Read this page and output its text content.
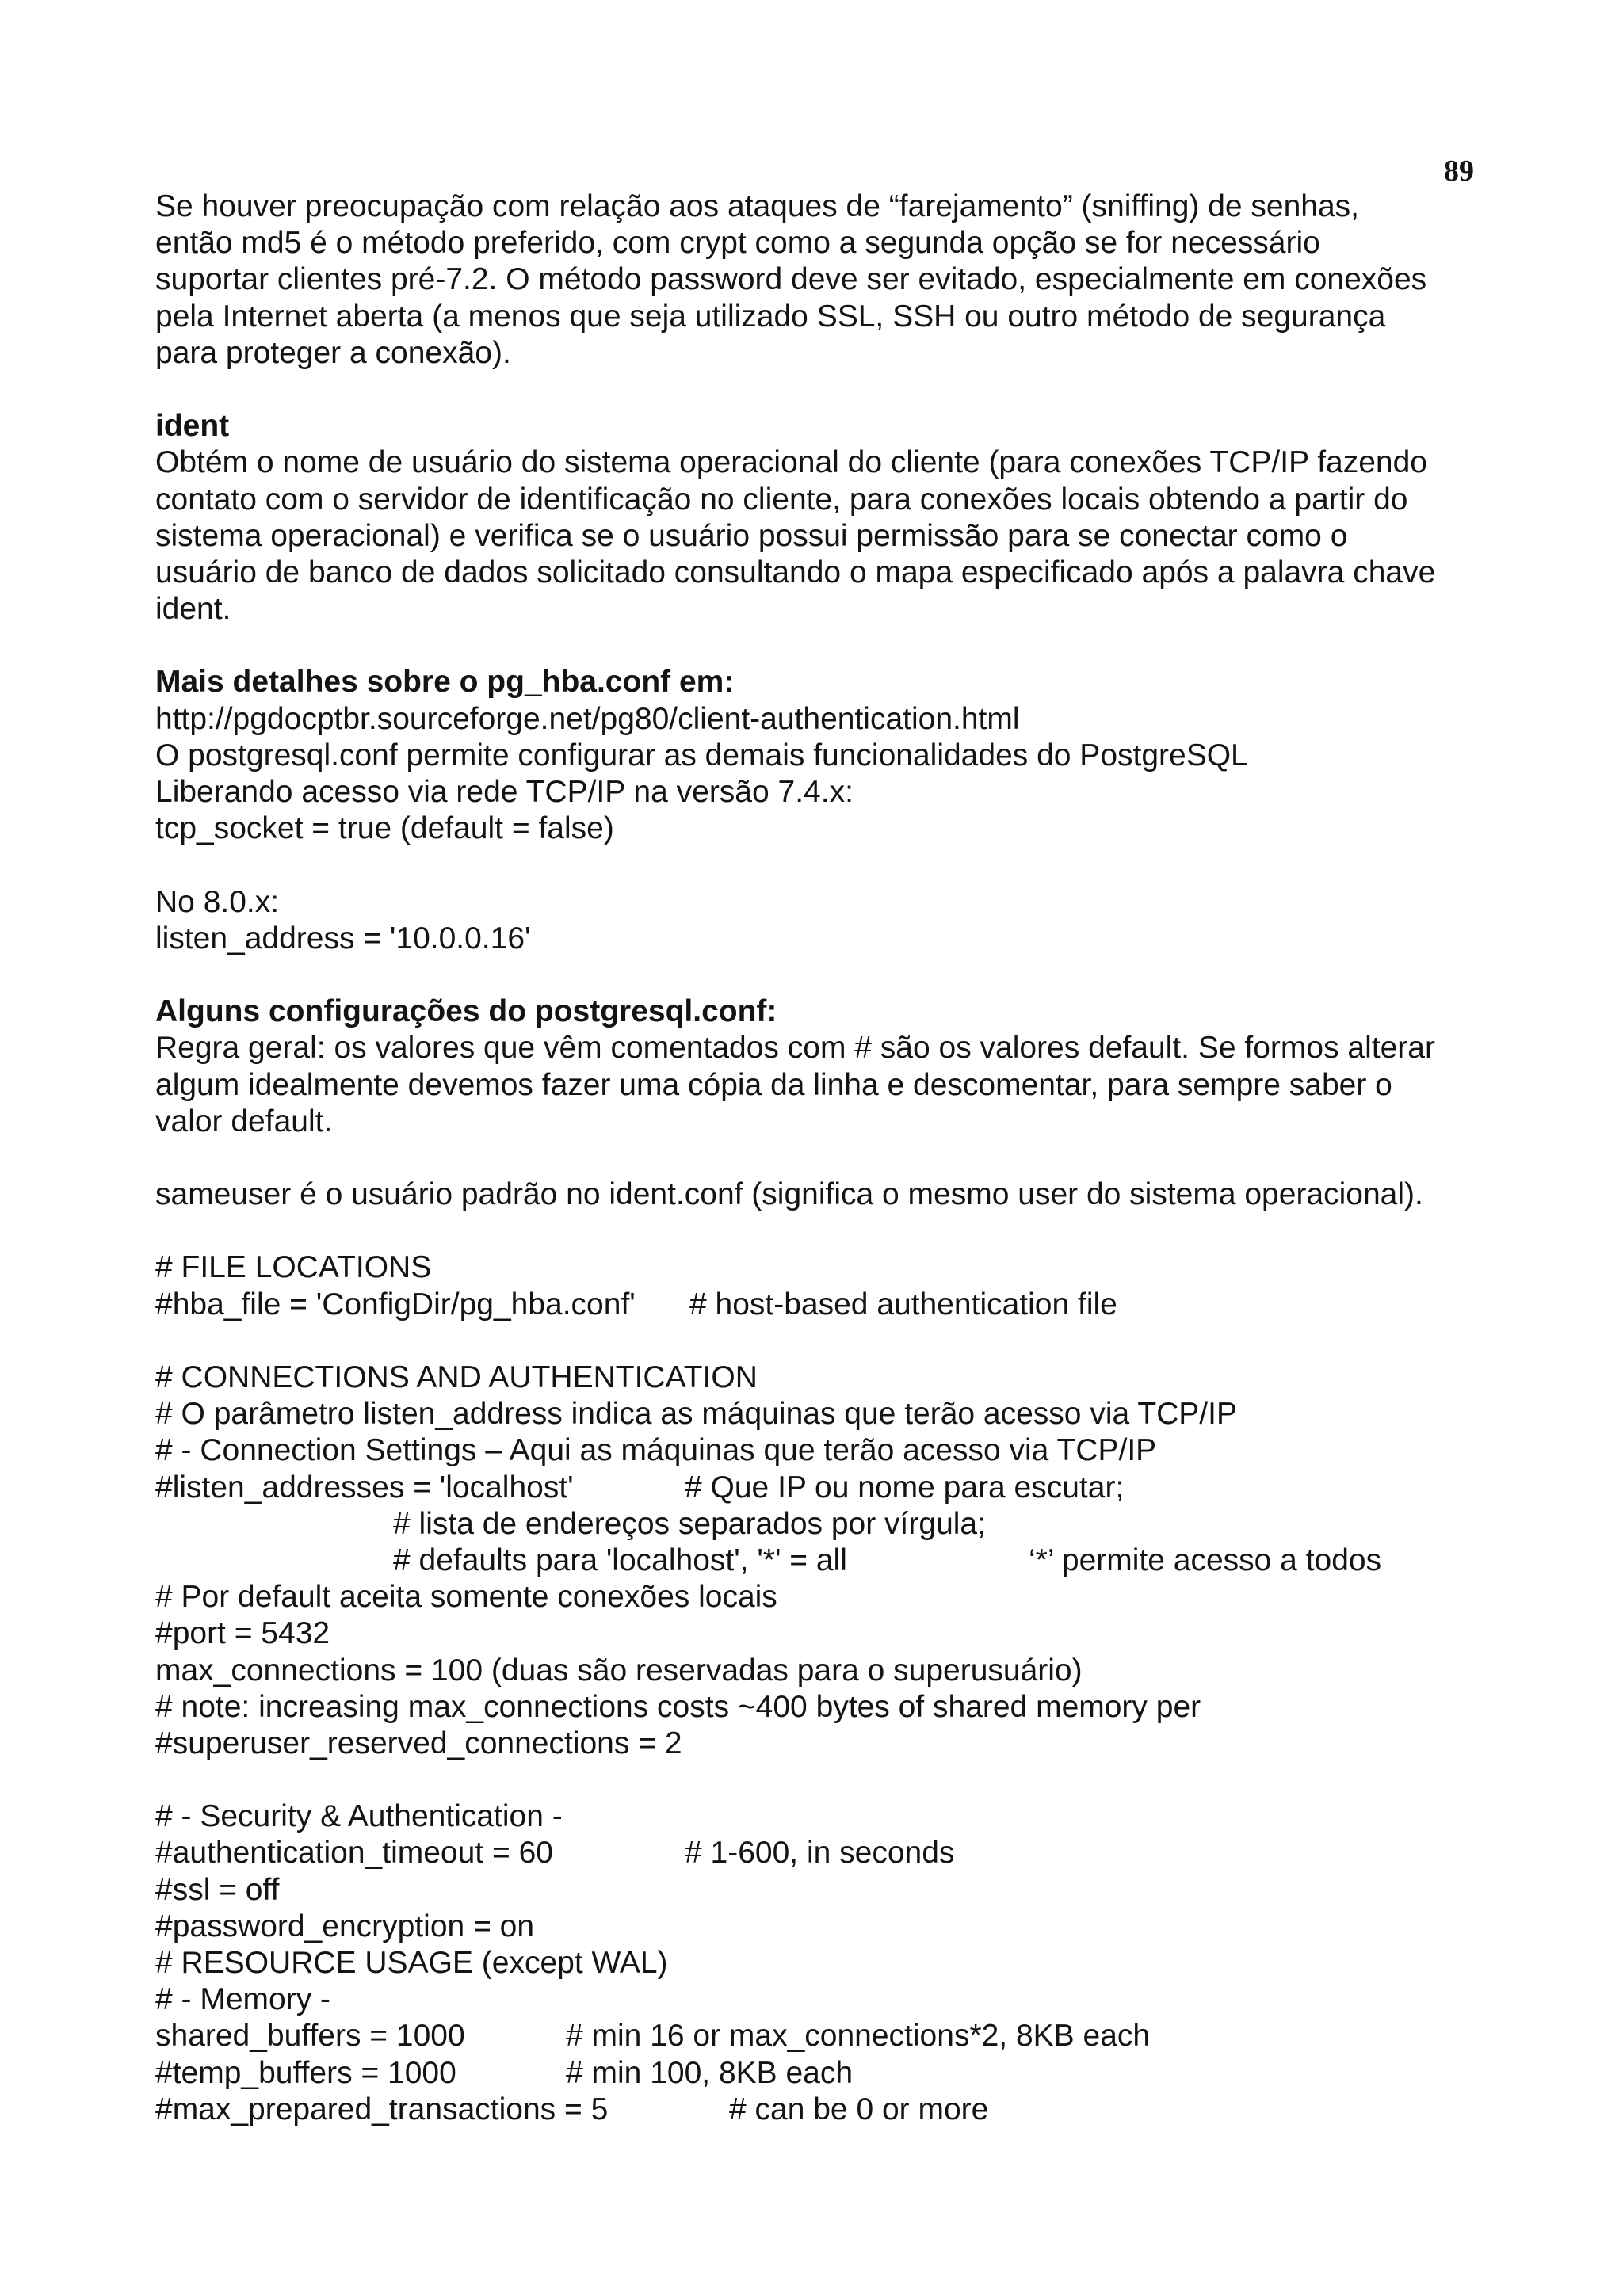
89
Se houver preocupação com relação aos ataques de “farejamento” (sniffing) de senhas,
então md5 é o método preferido, com crypt como a segunda opção se for necessário
suportar clientes pré-7.2. O método password deve ser evitado, especialmente em conexões
pela Internet aberta (a menos que seja utilizado SSL, SSH ou outro método de segurança
para proteger a conexão).
ident
Obtém o nome de usuário do sistema operacional do cliente (para conexões TCP/IP fazendo
contato com o servidor de identificação no cliente, para conexões locais obtendo a partir do
sistema operacional) e verifica se o usuário possui permissão para se conectar como o
usuário de banco de dados solicitado consultando o mapa especificado após a palavra chave
ident.
Mais detalhes sobre o pg_hba.conf em:
http://pgdocptbr.sourceforge.net/pg80/client-authentication.html
O postgresql.conf permite configurar as demais funcionalidades do PostgreSQL
Liberando acesso via rede TCP/IP na versão 7.4.x:
tcp_socket = true (default = false)
No 8.0.x:
listen_address = '10.0.0.16'
Alguns configurações do postgresql.conf:
Regra geral: os valores que vêm comentados com # são os valores default. Se formos alterar
algum idealmente devemos fazer uma cópia da linha e descomentar, para sempre saber o
valor default.
sameuser é o usuário padrão no ident.conf (significa o mesmo user do sistema operacional).
# FILE LOCATIONS

#hba_file = 'ConfigDir/pg_hba.conf'

# host-based authentication file

# CONNECTIONS AND AUTHENTICATION
# O parâmetro listen_address indica as máquinas que terão acesso via TCP/IP
# - Connection Settings – Aqui as máquinas que terão acesso via TCP/IP

#listen_addresses = 'localhost'

	# Que IP ou nome para escutar;

# lista de endereços separados por vírgula;

# defaults para 'localhost', '*' = all

	‘*’ permite acesso a todos

# Por default aceita somente conexões locais
#port = 5432
max_connections = 100 (duas são reservadas para o superusuário)
# note: increasing max_connections costs ~400 bytes of shared memory per
#superuser_reserved_connections = 2
# - Security & Authentication -

#authentication_timeout = 60

	# 1-600, in seconds

#ssl = off
#password_encryption = on
# RESOURCE USAGE (except WAL)
# - Memory -

shared_buffers = 1000

	# min 16 or max_connections*2, 8KB each

#temp_buffers = 1000

	# min 100, 8KB each

#max_prepared_transactions = 5

	# can be 0 or more
